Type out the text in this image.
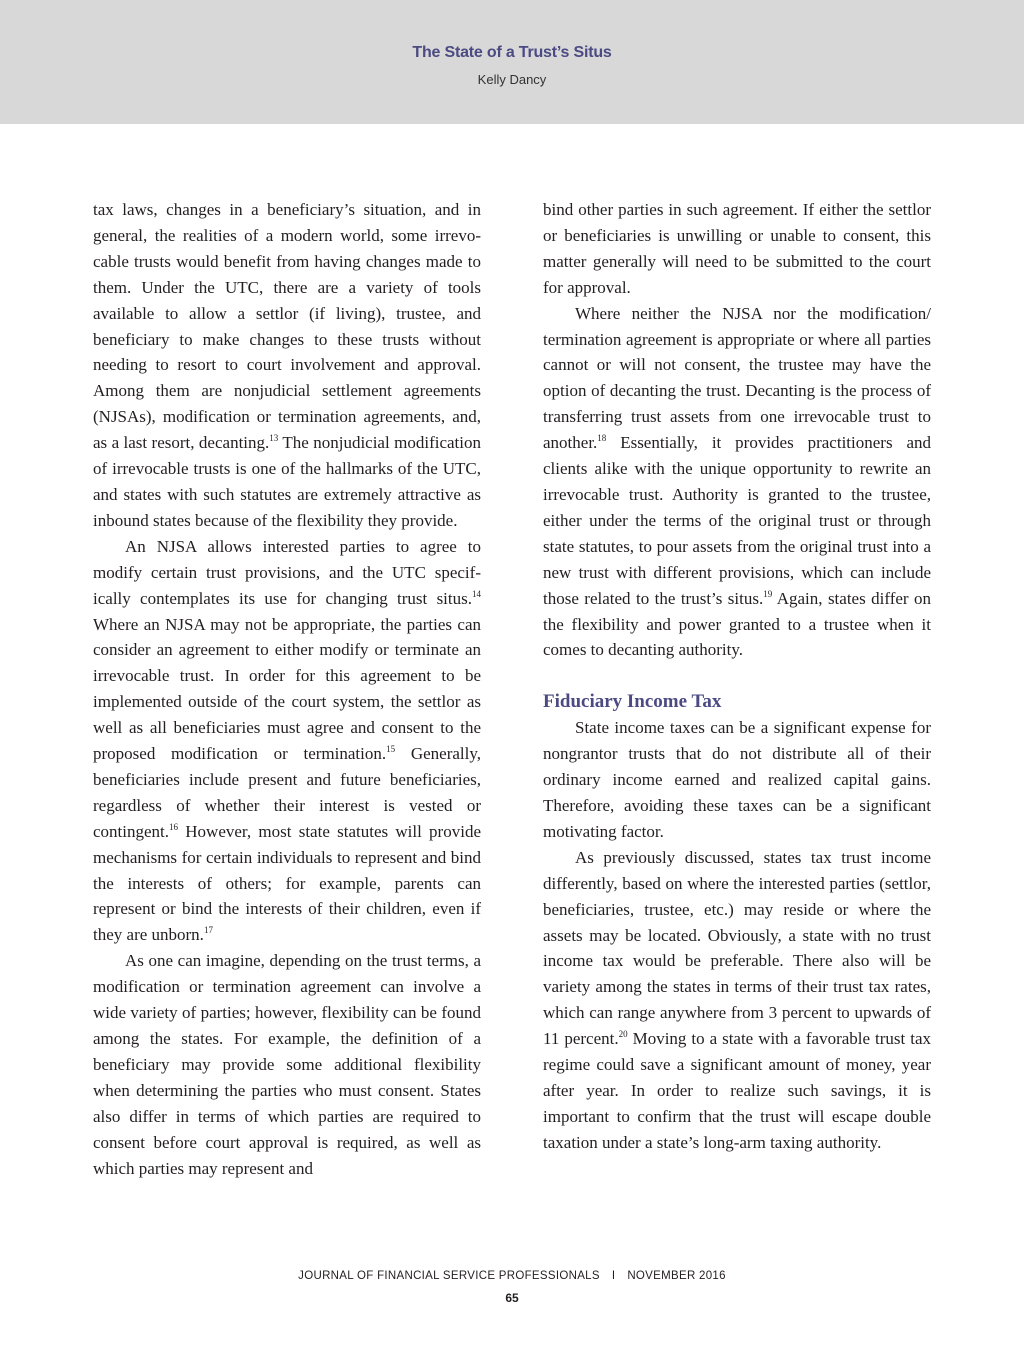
The State of a Trust’s Situs
Kelly Dancy

tax laws, changes in a beneficiary’s situation, and in general, the realities of a modern world, some irrevocable trusts would benefit from having changes made to them. Under the UTC, there are a variety of tools available to allow a settlor (if living), trustee, and beneficiary to make changes to these trusts without needing to resort to court involvement and approval. Among them are nonjudicial settlement agreements (NJSAs), modification or termination agreements, and, as a last resort, decanting.$^{13}$ The nonjudicial modification of irrevocable trusts is one of the hallmarks of the UTC, and states with such statutes are extremely attractive as inbound states because of the flexibility they provide.

An NJSA allows interested parties to agree to modify certain trust provisions, and the UTC specifically contemplates its use for changing trust situs.$^{14}$ Where an NJSA may not be appropriate, the parties can consider an agreement to either modify or terminate an irrevocable trust. In order for this agreement to be implemented outside of the court system, the settlor as well as all beneficiaries must agree and consent to the proposed modification or termination.$^{15}$ Generally, beneficiaries include present and future beneficiaries, regardless of whether their interest is vested or contingent.$^{16}$ However, most state statutes will provide mechanisms for certain individuals to represent and bind the interests of others; for example, parents can represent or bind the interests of their children, even if they are unborn.$^{17}$

As one can imagine, depending on the trust terms, a modification or termination agreement can involve a wide variety of parties; however, flexibility can be found among the states. For example, the definition of a beneficiary may provide some additional flexibility when determining the parties who must consent. States also differ in terms of which parties are required to consent before court approval is required, as well as which parties may represent and

bind other parties in such agreement. If either the settlor or beneficiaries is unwilling or unable to consent, this matter generally will need to be submitted to the court for approval.

Where neither the NJSA nor the modification/ termination agreement is appropriate or where all parties cannot or will not consent, the trustee may have the option of decanting the trust. Decanting is the process of transferring trust assets from one irrevocable trust to another.$^{18}$ Essentially, it provides practitioners and clients alike with the unique opportunity to rewrite an irrevocable trust. Authority is granted to the trustee, either under the terms of the original trust or through state statutes, to pour assets from the original trust into a new trust with different provisions, which can include those related to the trust’s situs.$^{19}$ Again, states differ on the flexibility and power granted to a trustee when it comes to decanting authority.

Fiduciary Income Tax

State income taxes can be a significant expense for nongrantor trusts that do not distribute all of their ordinary income earned and realized capital gains. Therefore, avoiding these taxes can be a significant motivating factor.

As previously discussed, states tax trust income differently, based on where the interested parties (settlor, beneficiaries, trustee, etc.) may reside or where the assets may be located. Obviously, a state with no trust income tax would be preferable. There also will be variety among the states in terms of their trust tax rates, which can range anywhere from 3 percent to upwards of 11 percent.$^{20}$ Moving to a state with a favorable trust tax regime could save a significant amount of money, year after year. In order to realize such savings, it is important to confirm that the trust will escape double taxation under a state’s long-arm taxing authority.

JOURNAL OF FINANCIAL SERVICE PROFESSIONALS I NOVEMBER 2016
65
